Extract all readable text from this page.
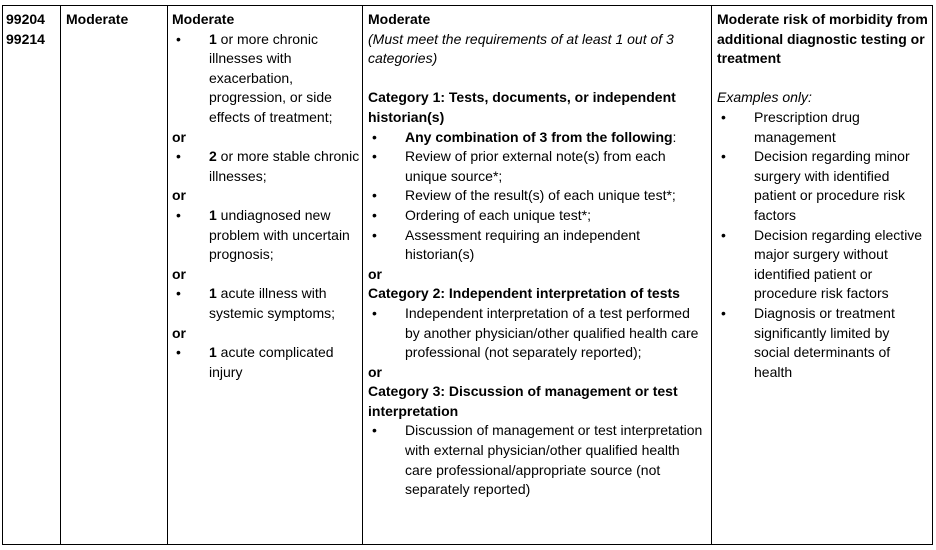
99204
99214
Moderate	Moderate
• 1 or more chronic illnesses with exacerbation, progression, or side effects of treatment;
or
• 2 or more stable chronic illnesses;
or
• 1 undiagnosed new problem with uncertain prognosis;
or
• 1 acute illness with systemic symptoms;
or
• 1 acute complicated injury
Moderate
(Must meet the requirements of at least 1 out of 3 categories)
Category 1: Tests, documents, or independent historian(s)
• Any combination of 3 from the following:
• Review of prior external note(s) from each unique source*;
• Review of the result(s) of each unique test*;
• Ordering of each unique test*;
• Assessment requiring an independent historian(s)
or
Category 2: Independent interpretation of tests
• Independent interpretation of a test performed by another physician/other qualified health care professional (not separately reported);
or
Category 3: Discussion of management or test interpretation
• Discussion of management or test interpretation with external physician/other qualified health care professional/appropriate source (not separately reported)
Moderate risk of morbidity from additional diagnostic testing or treatment
Examples only:
• Prescription drug management
• Decision regarding minor surgery with identified patient or procedure risk factors
• Decision regarding elective major surgery without identified patient or procedure risk factors
• Diagnosis or treatment significantly limited by social determinants of health
